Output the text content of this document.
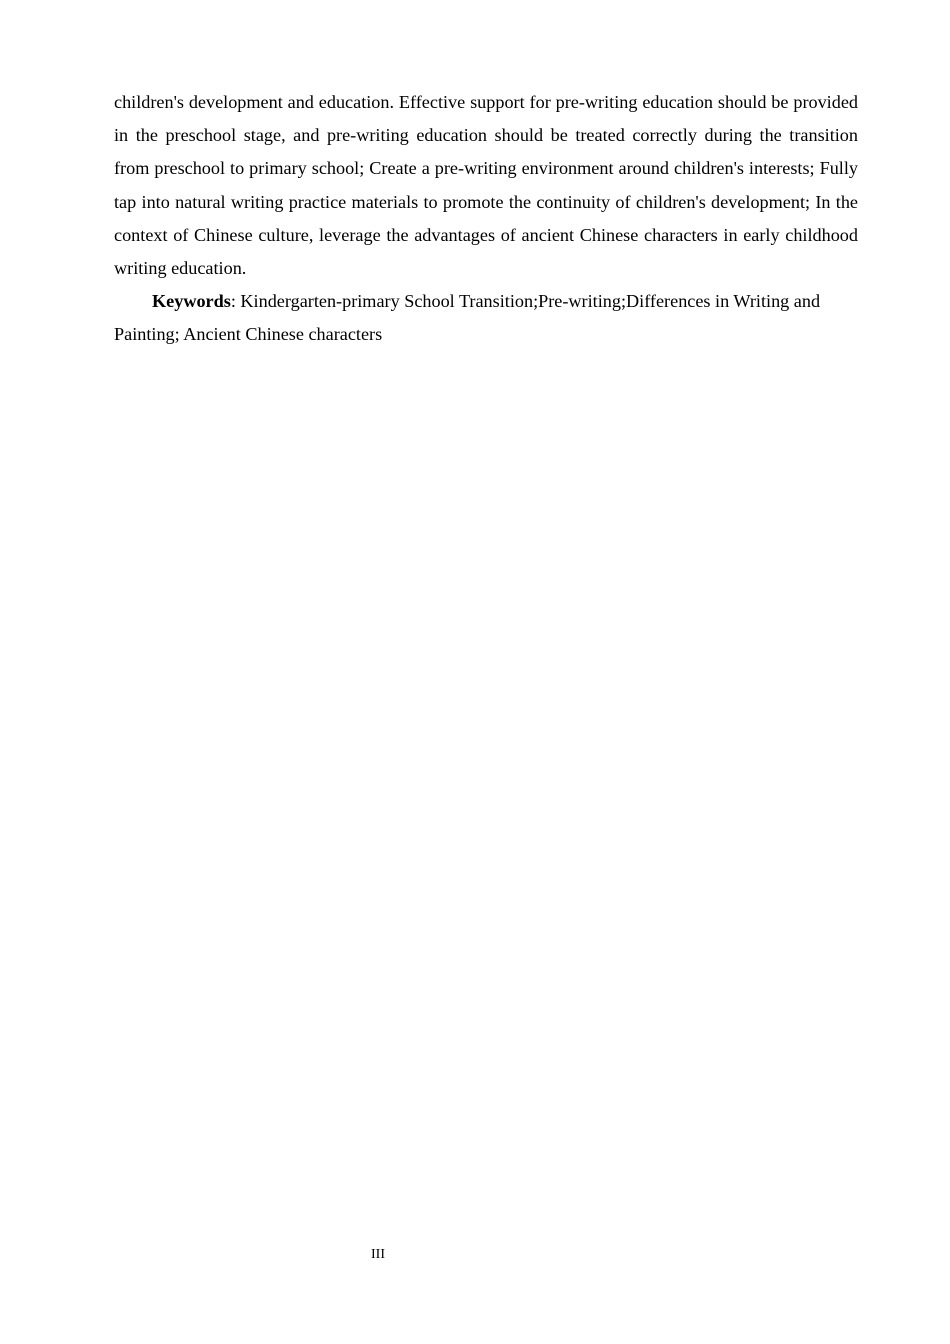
children's development and education. Effective support for pre-writing education should be provided in the preschool stage, and pre-writing education should be treated correctly during the transition from preschool to primary school; Create a pre-writing environment around children's interests; Fully tap into natural writing practice materials to promote the continuity of children's development; In the context of Chinese culture, leverage the advantages of ancient Chinese characters in early childhood writing education.

Keywords: Kindergarten-primary School Transition;Pre-writing;Differences in Writing and Painting; Ancient Chinese characters

III
